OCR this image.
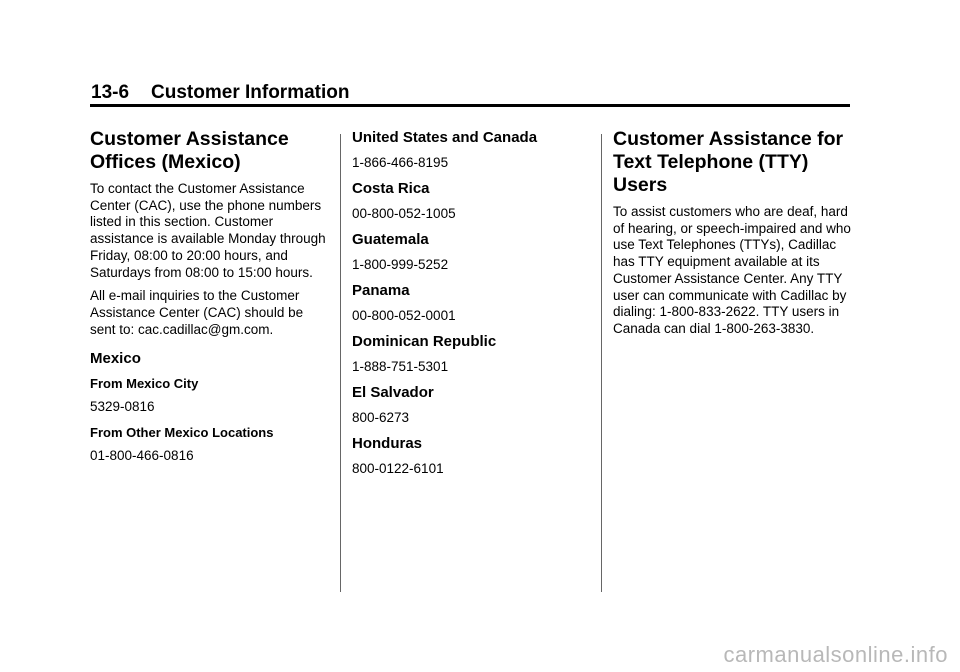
13-6 Customer Information
Customer Assistance
Offices (Mexico)

To contact the Customer Assistance Center (CAC), use the phone numbers listed in this section. Customer assistance is available Monday through Friday, 08:00 to 20:00 hours, and Saturdays from 08:00 to 15:00 hours.

All e-mail inquiries to the Customer Assistance Center (CAC) should be sent to: cac.cadillac@gm.com.

Mexico
From Mexico City
5329-0816
From Other Mexico Locations
01-800-466-0816
United States and Canada
1-866-466-8195
Costa Rica
00-800-052-1005
Guatemala
1-800-999-5252
Panama
00-800-052-0001
Dominican Republic
1-888-751-5301
El Salvador
800-6273
Honduras
800-0122-6101
Customer Assistance for
Text Telephone (TTY)
Users

To assist customers who are deaf, hard of hearing, or speech-impaired and who use Text Telephones (TTYs), Cadillac has TTY equipment available at its Customer Assistance Center. Any TTY user can communicate with Cadillac by dialing: 1-800-833-2622. TTY users in Canada can dial 1-800-263-3830.

carmanualsonline.info
